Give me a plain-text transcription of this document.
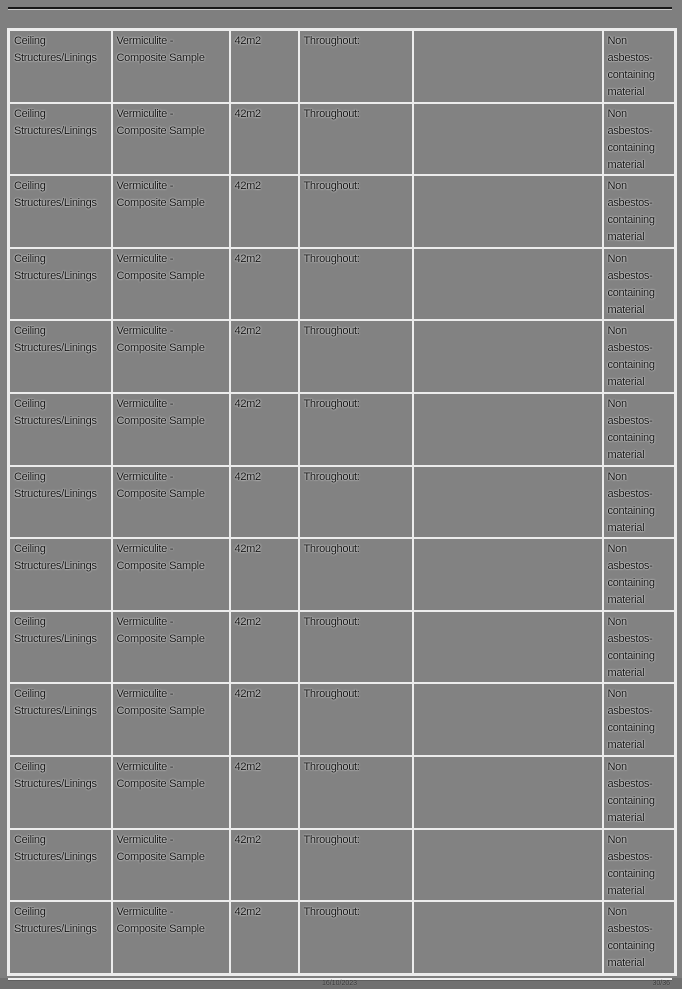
Ceiling Structures/Linings	Vermiculite - Composite Sample	42m2	Throughout:		Non asbestos-containing material
Ceiling Structures/Linings	Vermiculite - Composite Sample	42m2	Throughout:		Non asbestos-containing material
Ceiling Structures/Linings	Vermiculite - Composite Sample	42m2	Throughout:		Non asbestos-containing material
Ceiling Structures/Linings	Vermiculite - Composite Sample	42m2	Throughout:		Non asbestos-containing material
Ceiling Structures/Linings	Vermiculite - Composite Sample	42m2	Throughout:		Non asbestos-containing material
Ceiling Structures/Linings	Vermiculite - Composite Sample	42m2	Throughout:		Non asbestos-containing material
Ceiling Structures/Linings	Vermiculite - Composite Sample	42m2	Throughout:		Non asbestos-containing material
Ceiling Structures/Linings	Vermiculite - Composite Sample	42m2	Throughout:		Non asbestos-containing material
Ceiling Structures/Linings	Vermiculite - Composite Sample	42m2	Throughout:		Non asbestos-containing material
Ceiling Structures/Linings	Vermiculite - Composite Sample	42m2	Throughout:		Non asbestos-containing material
Ceiling Structures/Linings	Vermiculite - Composite Sample	42m2	Throughout:		Non asbestos-containing material
Ceiling Structures/Linings	Vermiculite - Composite Sample	42m2	Throughout:		Non asbestos-containing material
Ceiling Structures/Linings	Vermiculite - Composite Sample	42m2	Throughout:		Non asbestos-containing material
16/10/2023	30/36
